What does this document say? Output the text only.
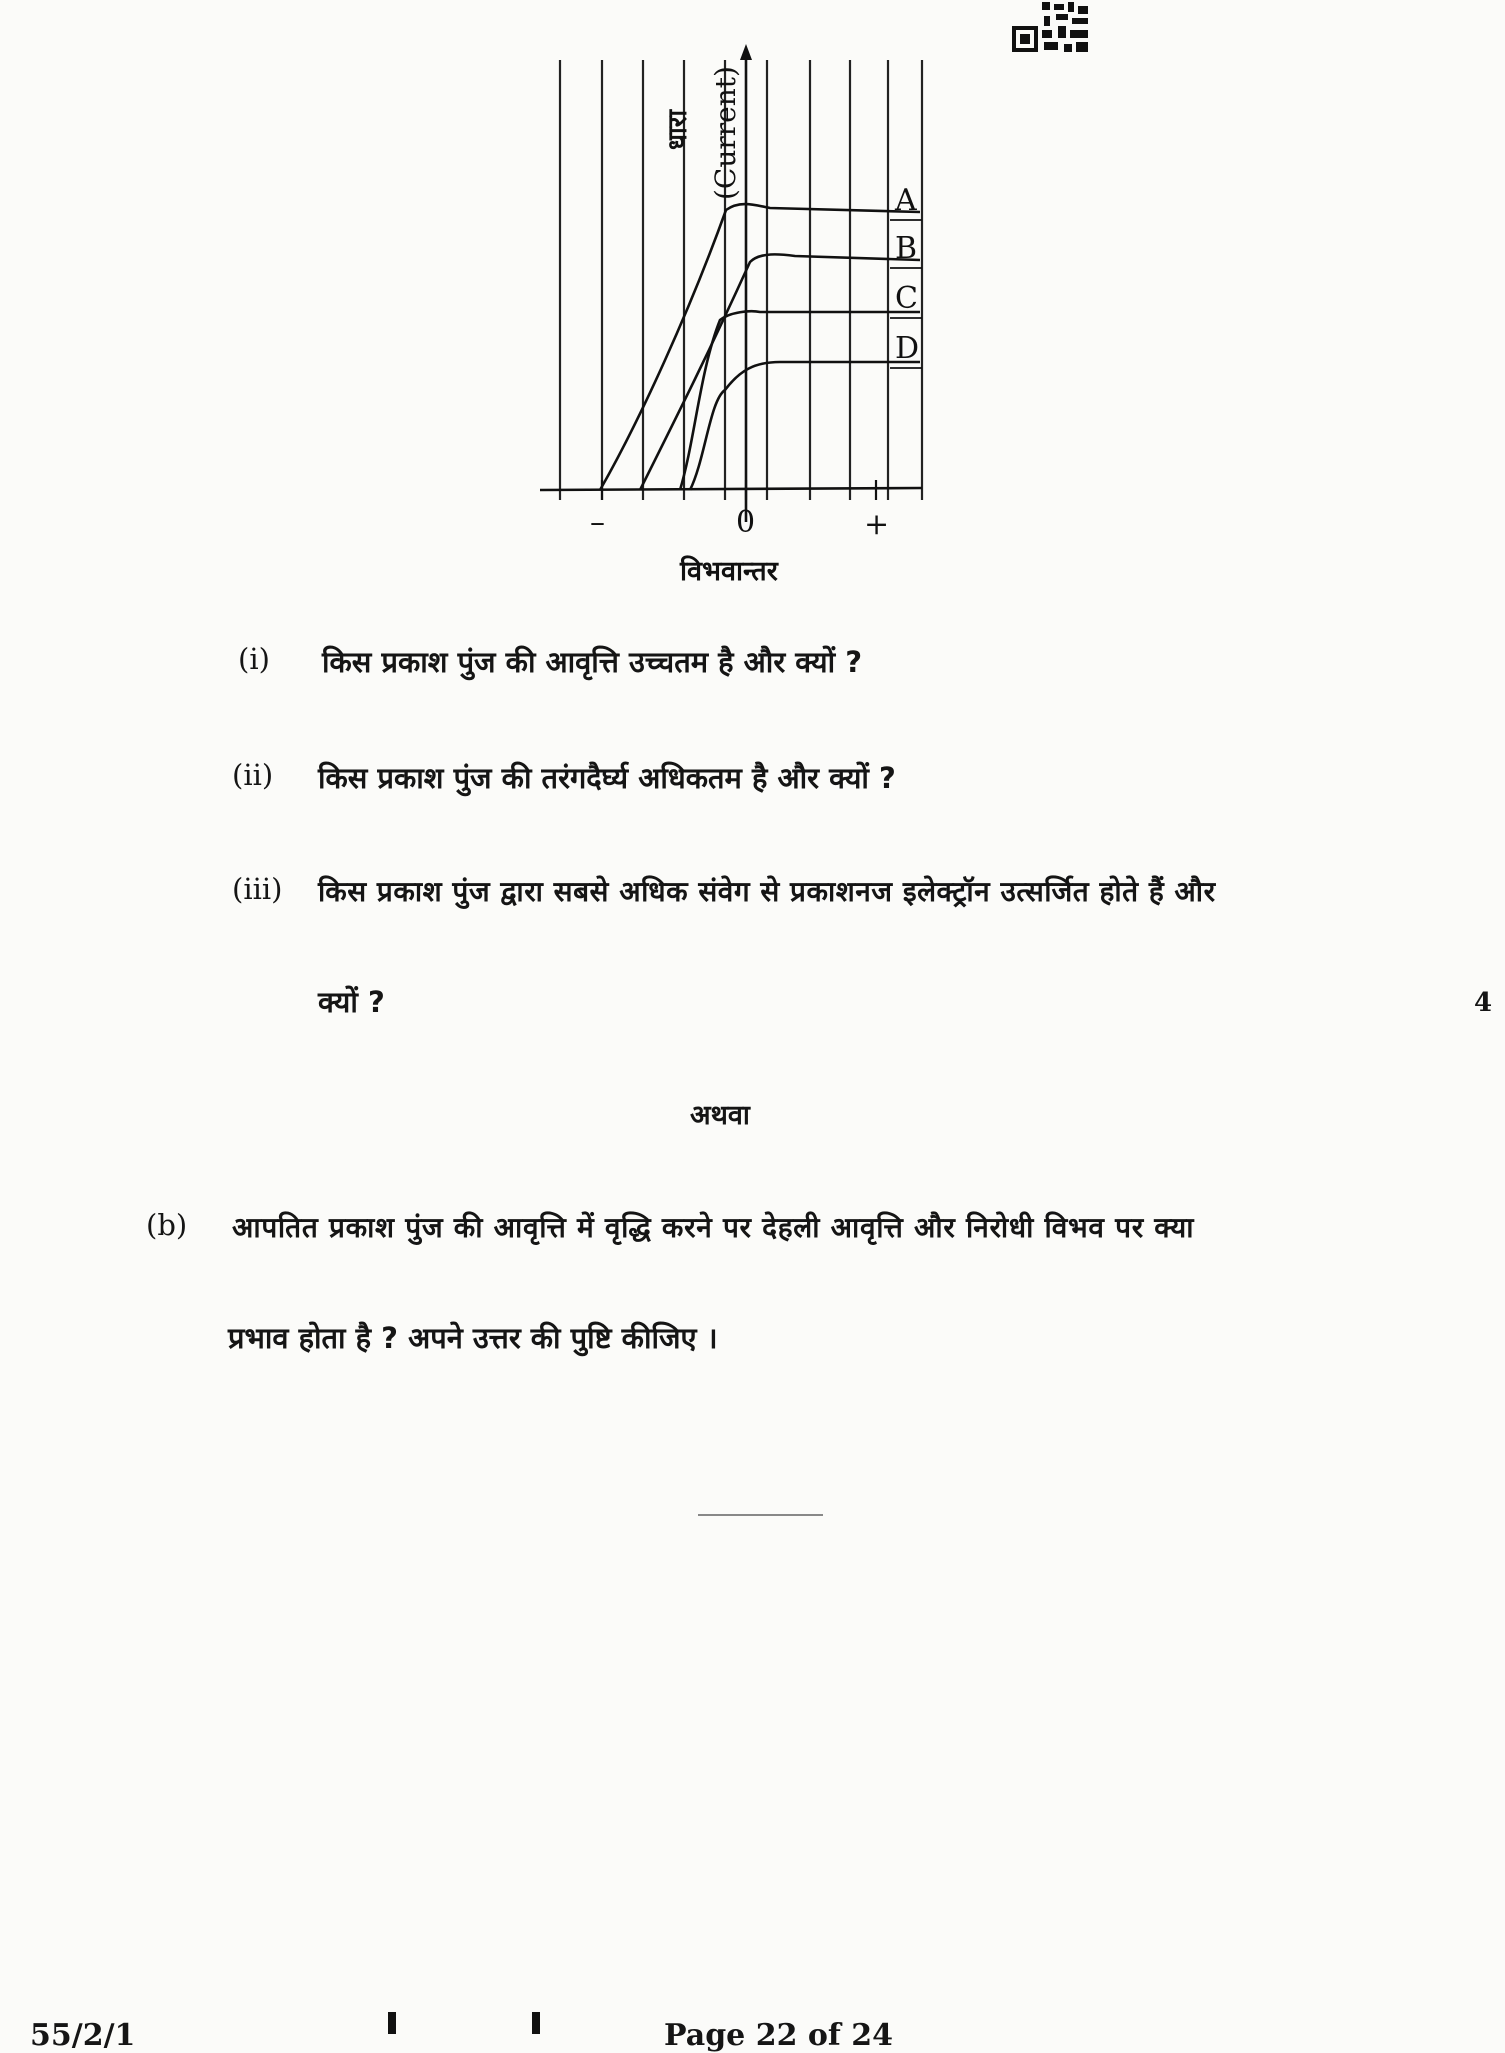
A
B
C
D
धारा (Current)
–	0	+
विभवान्तर
(i) किस प्रकाश पुंज की आवृत्ति उच्चतम है और क्यों ?
(ii) किस प्रकाश पुंज की तरंगदैर्घ्य अधिकतम है और क्यों ?
(iii) किस प्रकाश पुंज द्वारा सबसे अधिक संवेग से प्रकाशनज इलेक्ट्रॉन उत्सर्जित होते हैं और
क्यों ?	4
अथवा
(b) आपतित प्रकाश पुंज की आवृत्ति में वृद्धि करने पर देहली आवृत्ति और निरोधी विभव पर क्या
प्रभाव होता है ? अपने उत्तर की पुष्टि कीजिए ।
55/2/1	Page 22 of 24
